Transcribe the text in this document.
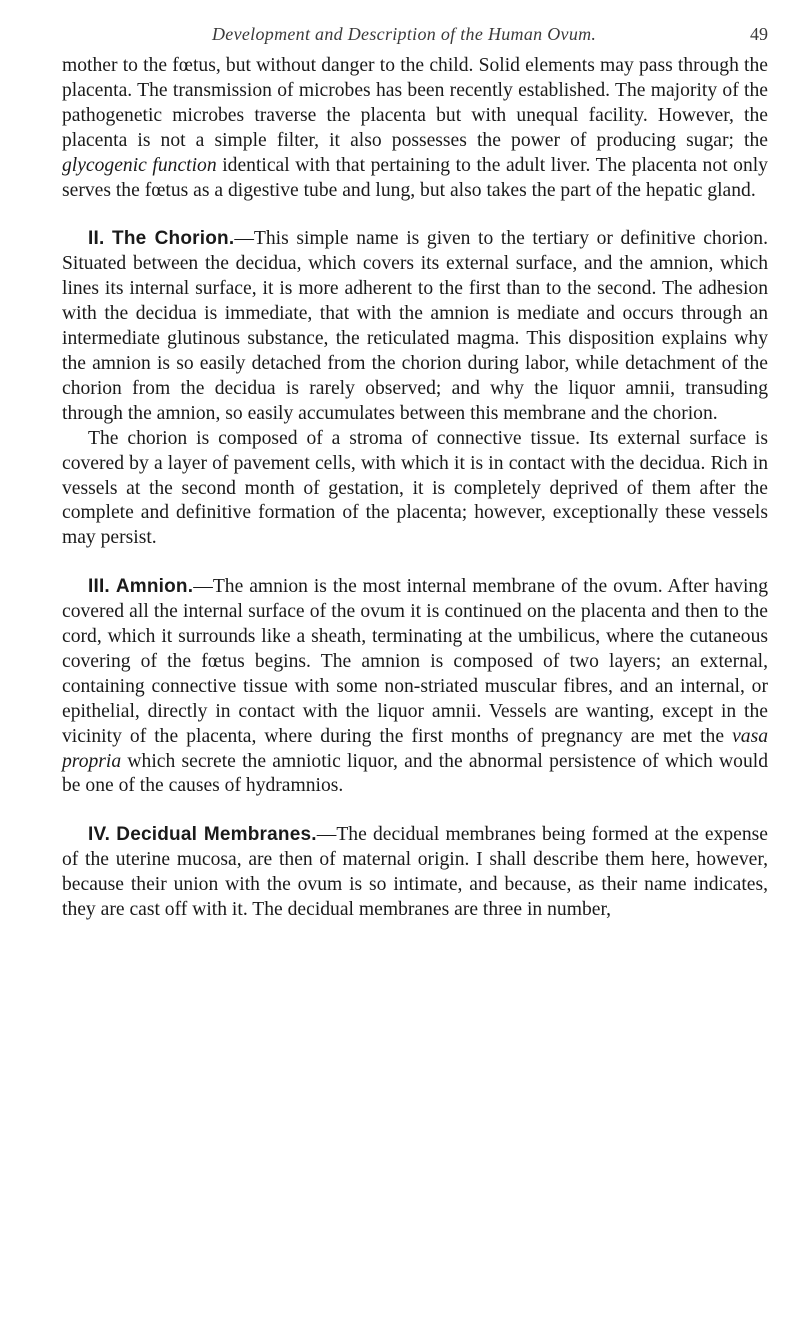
Development and Description of the Human Ovum.	49

mother to the fœtus, but without danger to the child. Solid elements may pass through the placenta. The transmission of microbes has been recently established. The majority of the pathogenetic microbes traverse the placenta but with unequal facility. However, the placenta is not a simple filter, it also possesses the power of producing sugar; the glycogenic function identical with that pertaining to the adult liver. The placenta not only serves the fœtus as a digestive tube and lung, but also takes the part of the hepatic gland.

II. The Chorion.—This simple name is given to the tertiary or definitive chorion. Situated between the decidua, which covers its external surface, and the amnion, which lines its internal surface, it is more adherent to the first than to the second. The adhesion with the decidua is immediate, that with the amnion is mediate and occurs through an intermediate glutinous substance, the reticulated magma. This disposition explains why the amnion is so easily detached from the chorion during labor, while detachment of the chorion from the decidua is rarely observed; and why the liquor amnii, transuding through the amnion, so easily accumulates between this membrane and the chorion.

The chorion is composed of a stroma of connective tissue. Its external surface is covered by a layer of pavement cells, with which it is in contact with the decidua. Rich in vessels at the second month of gestation, it is completely deprived of them after the complete and definitive formation of the placenta; however, exceptionally these vessels may persist.

III. Amnion.—The amnion is the most internal membrane of the ovum. After having covered all the internal surface of the ovum it is continued on the placenta and then to the cord, which it surrounds like a sheath, terminating at the umbilicus, where the cutaneous covering of the fœtus begins. The amnion is composed of two layers; an external, containing connective tissue with some non-striated muscular fibres, and an internal, or epithelial, directly in contact with the liquor amnii. Vessels are wanting, except in the vicinity of the placenta, where during the first months of pregnancy are met the vasa propria which secrete the amniotic liquor, and the abnormal persistence of which would be one of the causes of hydramnios.

IV. Decidual Membranes.—The decidual membranes being formed at the expense of the uterine mucosa, are then of maternal origin. I shall describe them here, however, because their union with the ovum is so intimate, and because, as their name indicates, they are cast off with it. The decidual membranes are three in number,
